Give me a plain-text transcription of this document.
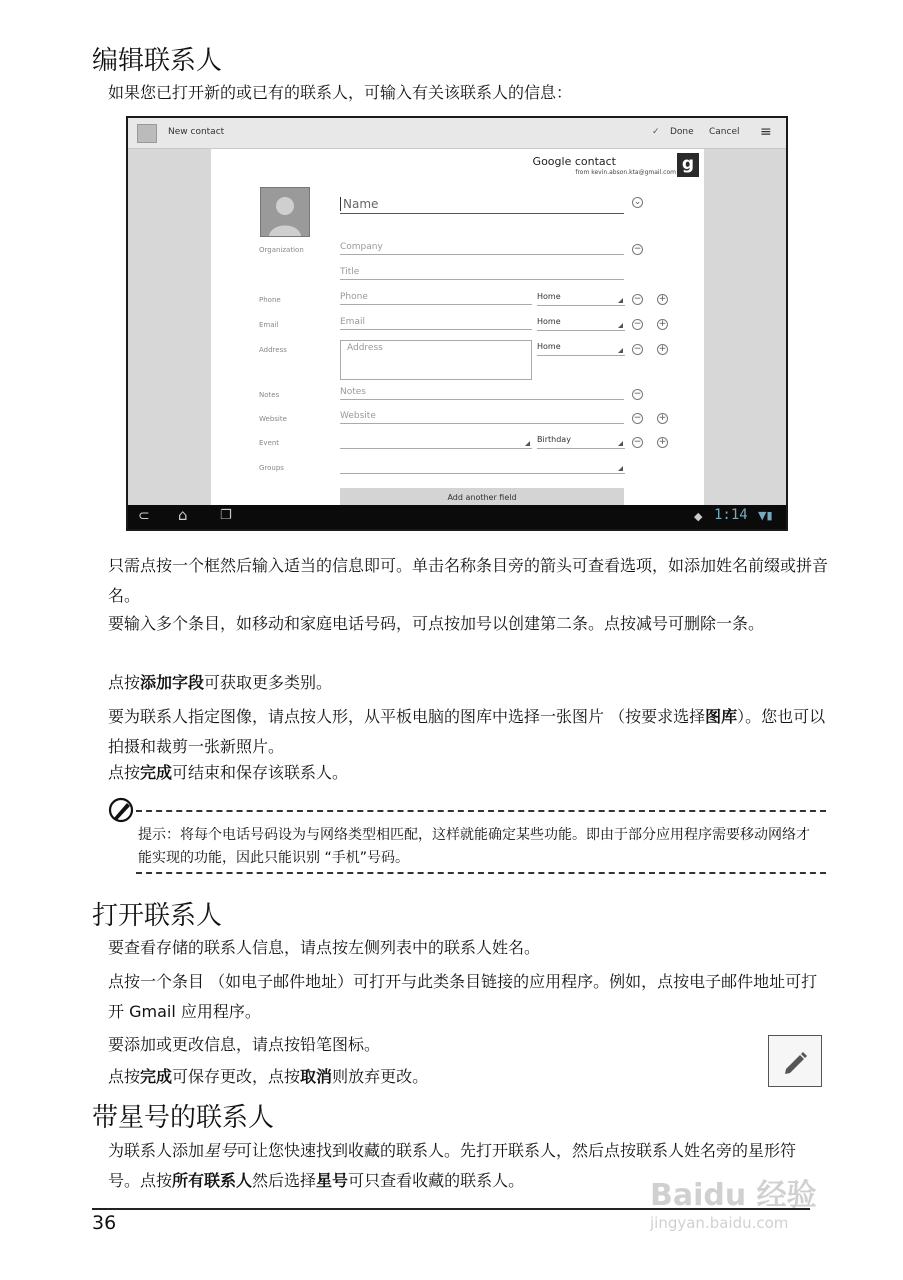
编辑联系人

如果您已打开新的或已有的联系人，可输入有关该联系人的信息：

New contact	✓ Done Cancel ≡
Google contact
from kevin.abson.kta@gmail.com g
Name	⌄
Organization	Company	−
Title
Phone	Phone	Home	− +
Email	Email	Home	− +
Address	Address	Home	− +
Notes	Notes	−
Website	Website	− +
Event	Birthday	− +
Groups
Add another field
⊂ ⌂ ❐	◆ 1:14 ▼▮

只需点按一个框然后输入适当的信息即可。单击名称条目旁的箭头可查看选项，如添加姓名前缀或拼音名。

要输入多个条目，如移动和家庭电话号码，可点按加号以创建第二条。点按减号可删除一条。

点按添加字段可获取更多类别。

要为联系人指定图像，请点按人形，从平板电脑的图库中选择一张图片 （按要求选择图库）。您也可以拍摄和裁剪一张新照片。

点按完成可结束和保存该联系人。

提示：将每个电话号码设为与网络类型相匹配，这样就能确定某些功能。即由于部分应用程序需要移动网络才能实现的功能，因此只能识别 “手机”号码。

打开联系人

要查看存储的联系人信息，请点按左侧列表中的联系人姓名。

点按一个条目 （如电子邮件地址）可打开与此类条目链接的应用程序。例如，点按电子邮件地址可打开 Gmail 应用程序。

要添加或更改信息，请点按铅笔图标。

点按完成可保存更改，点按取消则放弃更改。

带星号的联系人

为联系人添加星号可让您快速找到收藏的联系人。先打开联系人，然后点按联系人姓名旁的星形符号。点按所有联系人然后选择星号可只查看收藏的联系人。

36
Baidu 经验
jingyan.baidu.com
